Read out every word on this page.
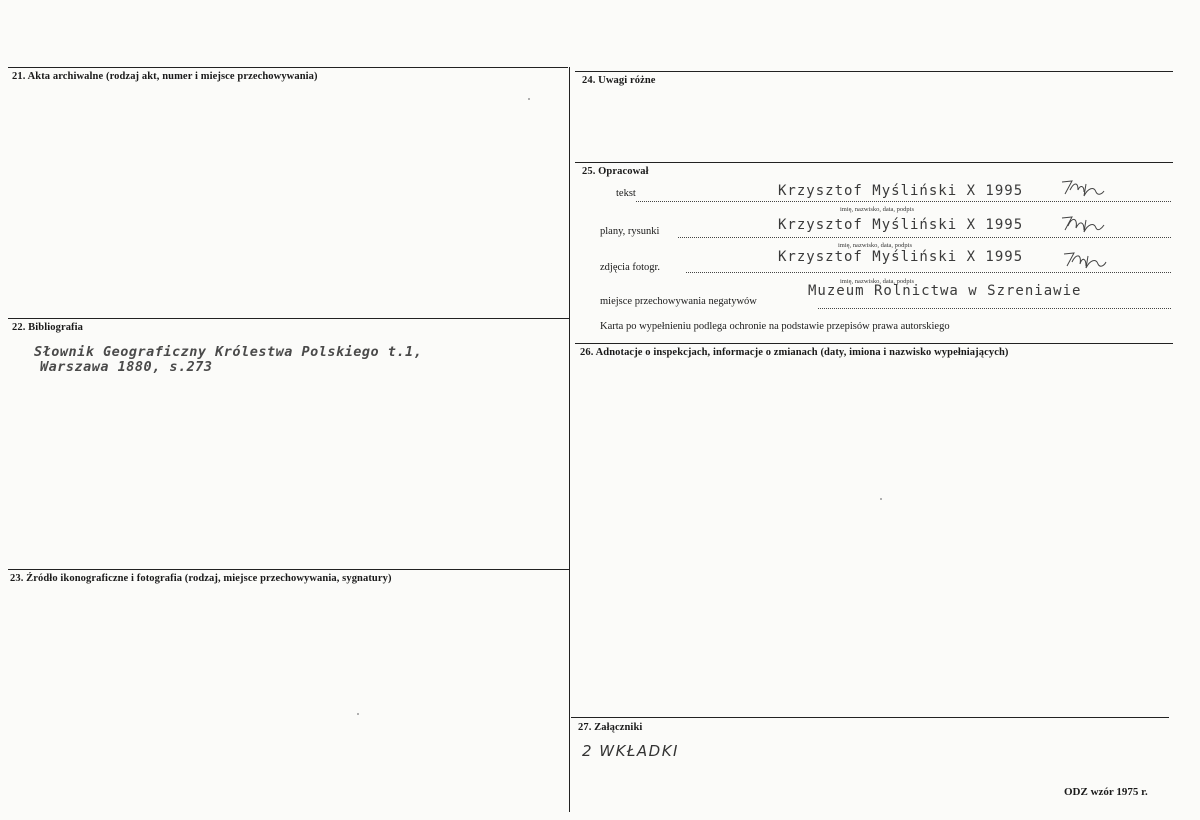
21. Akta archiwalne (rodzaj akt, numer i miejsce przechowywania)
22. Bibliografia
Słownik Geograficzny Królestwa Polskiego t.1,
Warszawa 1880, s.273
23. Źródło ikonograficzne i fotografia (rodzaj, miejsce przechowywania, sygnatury)
24. Uwagi różne
25. Opracował
tekst	Krzysztof Myśliński X 1995
imię, nazwisko, data, podpis
plany, rysunki	Krzysztof Myśliński X 1995
imię, nazwisko, data, podpis
zdjęcia fotogr.
Krzysztof Myśliński X 1995
imię, nazwisko, data, podpis
miejsce przechowywania negatywów
Muzeum Rolnictwa w Szreniawie
Karta po wypełnieniu podlega ochronie na podstawie przepisów prawa autorskiego
26. Adnotacje o inspekcjach, informacje o zmianach (daty, imiona i nazwisko wypełniających)
27. Załączniki
2 WKŁADKI
ODZ wzór 1975 r.
